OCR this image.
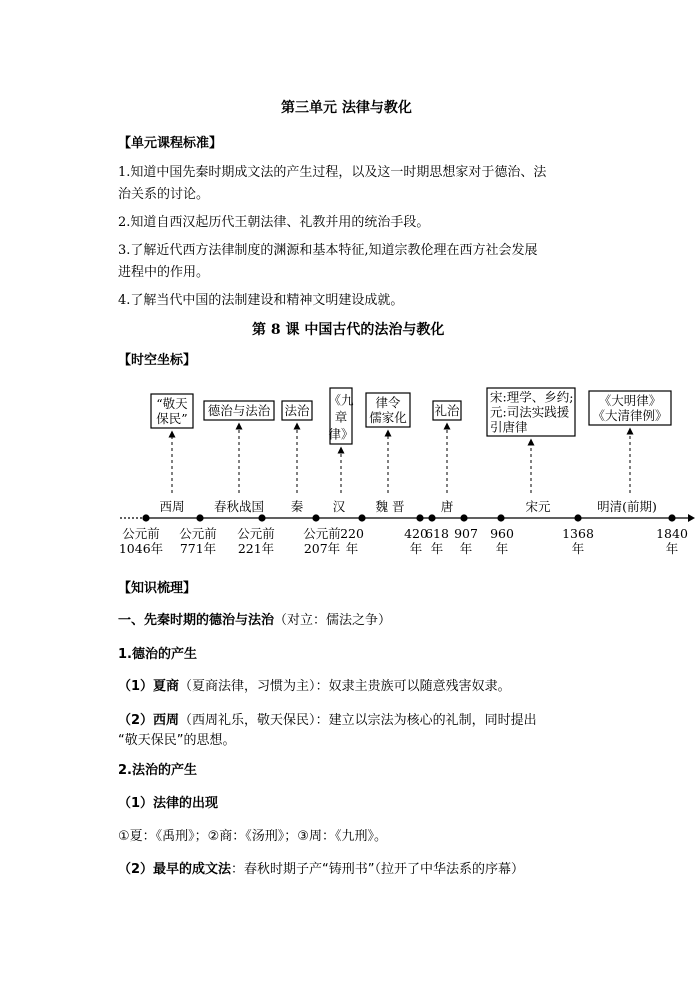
第三单元 法律与教化
【单元课程标准】
1.知道中国先秦时期成文法的产生过程，以及这一时期思想家对于德治、法
治关系的讨论。
2.知道自西汉起历代王朝法律、礼教并用的统治手段。
3.了解近代西方法律制度的渊源和基本特征,知道宗教伦理在西方社会发展
进程中的作用。
4.了解当代中国的法制建设和精神文明建设成就。
第 8 课 中国古代的法治与教化
【时空坐标】
“敬天
保民”
德治与法治 法治
《九
章
律》
律令
儒家化 礼治
宋:理学、乡约;
元:司法实践援
引唐律
《大明律》
《大清律例》
西周 春秋战国 秦 汉 魏 晋	唐	宋元	明清(前期)
公元前
1046年
公元前
771年
公元前
221年
公元前
207年
220
年
420
年
618
年
907
年
960
年
1368
年
1840
年
【知识梳理】
一、先秦时期的德治与法治（对立：儒法之争）
1.德治的产生
（1）夏商（夏商法律，习惯为主）：奴隶主贵族可以随意残害奴隶。
（2）西周（西周礼乐，敬天保民）：建立以宗法为核心的礼制，同时提出
“敬天保民”的思想。
2.法治的产生
（1）法律的出现
①夏：《禹刑》；②商：《汤刑》；③周：《九刑》。
（2）最早的成文法：春秋时期子产“铸刑书”（拉开了中华法系的序幕）
